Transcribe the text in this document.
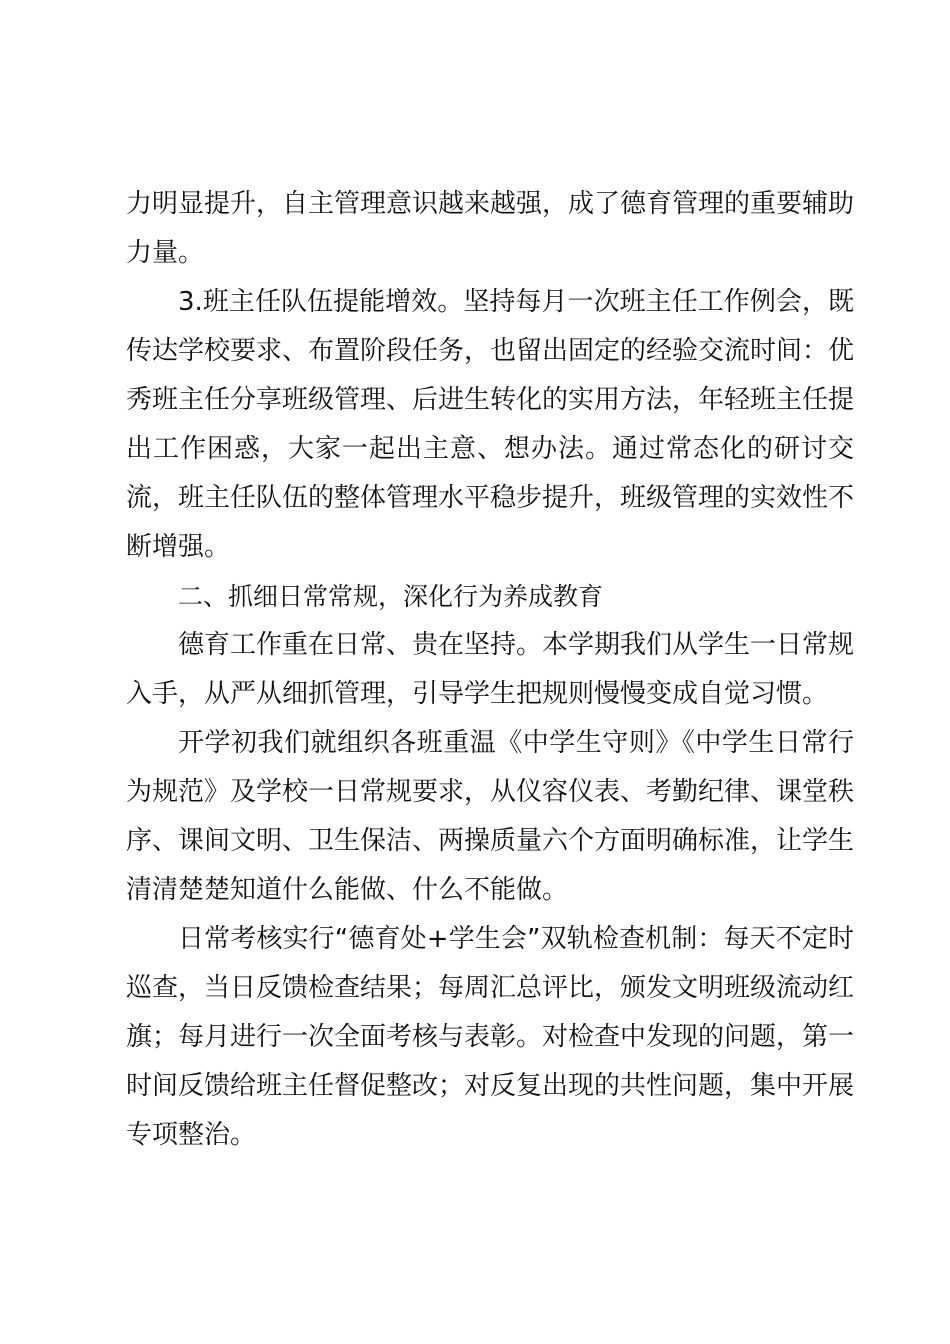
力明显提升，自主管理意识越来越强，成了德育管理的重要辅助力量。

3.班主任队伍提能增效。坚持每月一次班主任工作例会，既传达学校要求、布置阶段任务，也留出固定的经验交流时间：优秀班主任分享班级管理、后进生转化的实用方法，年轻班主任提出工作困惑，大家一起出主意、想办法。通过常态化的研讨交流，班主任队伍的整体管理水平稳步提升，班级管理的实效性不断增强。

二、抓细日常常规，深化行为养成教育

德育工作重在日常、贵在坚持。本学期我们从学生一日常规入手，从严从细抓管理，引导学生把规则慢慢变成自觉习惯。

开学初我们就组织各班重温《中学生守则》《中学生日常行为规范》及学校一日常规要求，从仪容仪表、考勤纪律、课堂秩序、课间文明、卫生保洁、两操质量六个方面明确标准，让学生清清楚楚知道什么能做、什么不能做。

日常考核实行“德育处+学生会”双轨检查机制：每天不定时巡查，当日反馈检查结果；每周汇总评比，颁发文明班级流动红旗；每月进行一次全面考核与表彰。对检查中发现的问题，第一时间反馈给班主任督促整改；对反复出现的共性问题，集中开展专项整治。
